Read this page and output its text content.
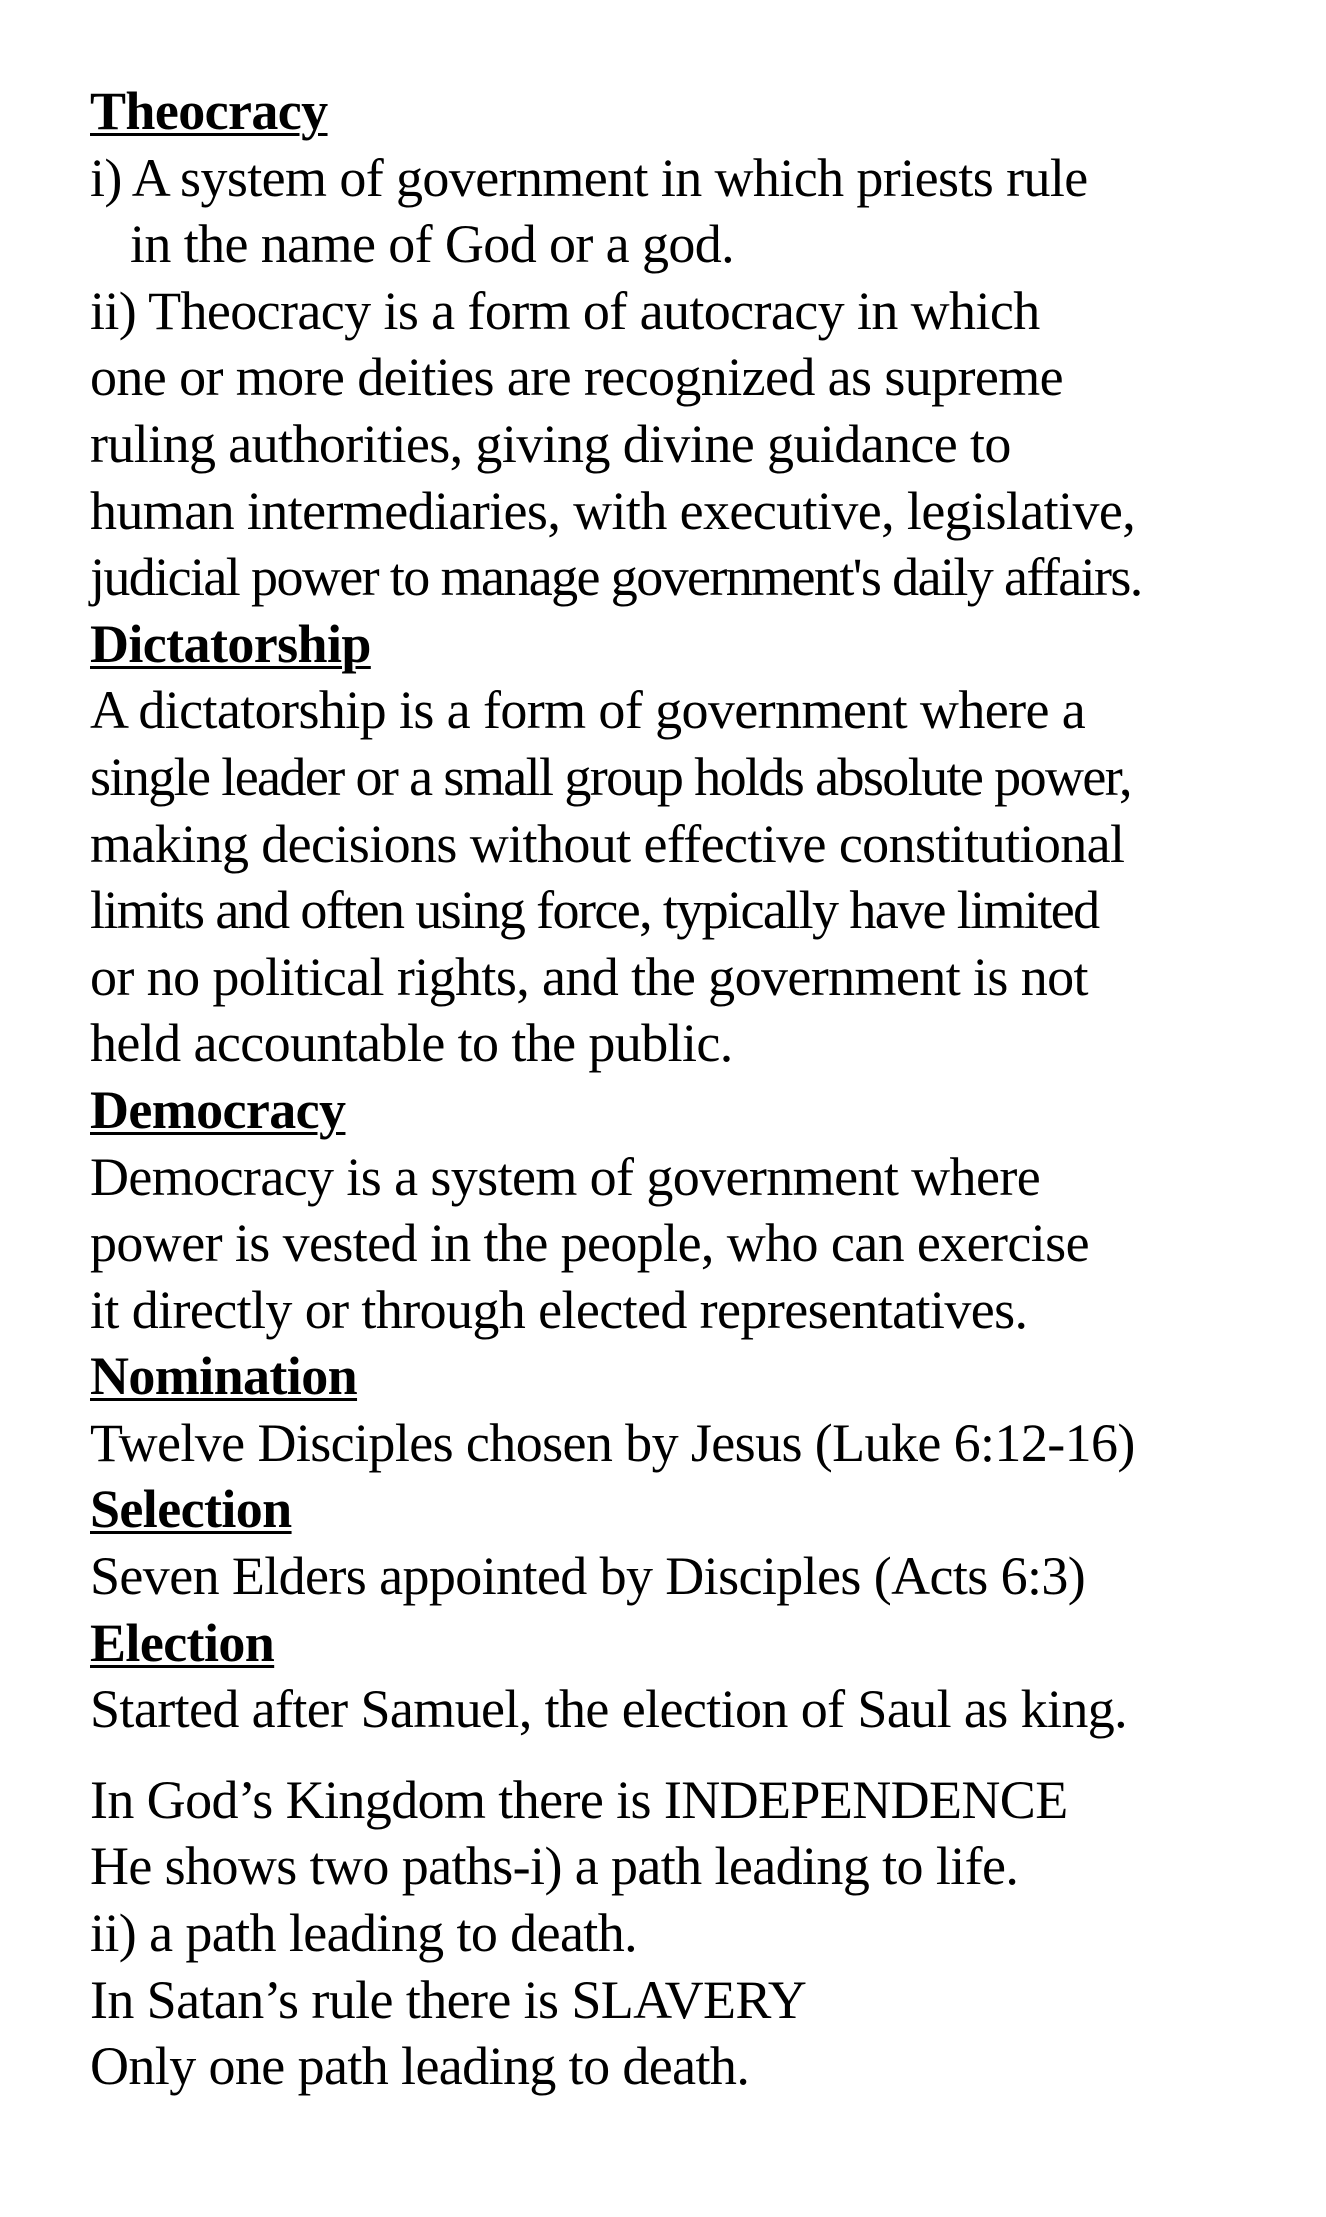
Theocracy
i) A system of government in which priests rule
in the name of God or a god.
ii) Theocracy is a form of autocracy in which
one or more deities are recognized as supreme
ruling authorities, giving divine guidance to
human intermediaries, with executive, legislative,
judicial power to manage government's daily affairs.
Dictatorship
A dictatorship is a form of government where a
single leader or a small group holds absolute power,
making decisions without effective constitutional
limits and often using force, typically have limited
or no political rights, and the government is not
held accountable to the public.
Democracy
Democracy is a system of government where
power is vested in the people, who can exercise
it directly or through elected representatives.
Nomination
Twelve Disciples chosen by Jesus (Luke 6:12-16)
Selection
Seven Elders appointed by Disciples (Acts 6:3)
Election
Started after Samuel, the election of Saul as king.
In God’s Kingdom there is INDEPENDENCE
He shows two paths-i) a path leading to life.
ii) a path leading to death.
In Satan’s rule there is SLAVERY
Only one path leading to death.
